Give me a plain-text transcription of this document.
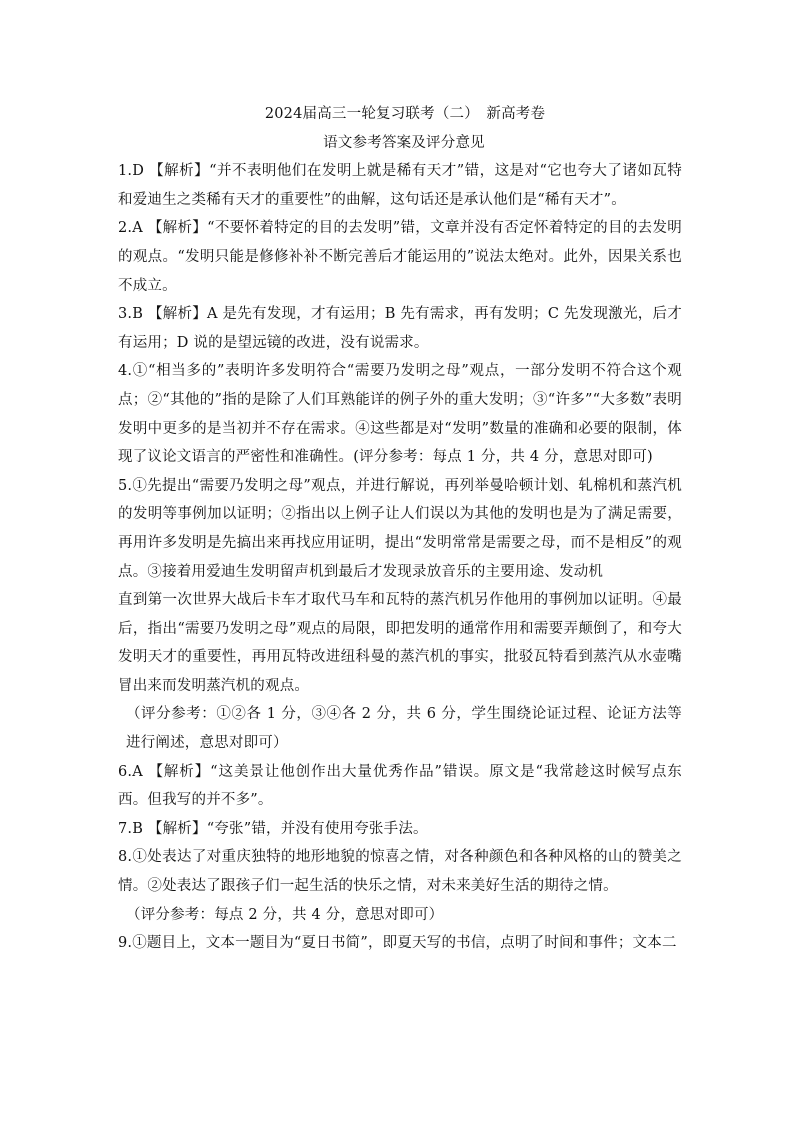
2024届高三一轮复习联考（二）　新高考卷

语文参考答案及评分意见

1.D 【解析】“并不表明他们在发明上就是稀有天才”错，这是对“它也夸大了诸如瓦特和爱迪生之类稀有天才的重要性”的曲解，这句话还是承认他们是“稀有天才”。

2.A 【解析】“不要怀着特定的目的去发明”错，文章并没有否定怀着特定的目的去发明的观点。“发明只能是修修补补不断完善后才能运用的”说法太绝对。此外，因果关系也不成立。

3.B 【解析】A 是先有发现，才有运用；B 先有需求，再有发明；C 先发现激光，后才有运用；D 说的是望远镜的改进，没有说需求。

4.①“相当多的”表明许多发明符合“需要乃发明之母”观点，一部分发明不符合这个观点；②“其他的”指的是除了人们耳熟能详的例子外的重大发明；③“许多”“大多数”表明发明中更多的是当初并不存在需求。④这些都是对“发明”数量的准确和必要的限制，体现了议论文语言的严密性和准确性。(评分参考：每点 1 分，共 4 分，意思对即可)

5.①先提出“需要乃发明之母”观点，并进行解说，再列举曼哈顿计划、轧棉机和蒸汽机的发明等事例加以证明；②指出以上例子让人们误以为其他的发明也是为了满足需要，再用许多发明是先搞出来再找应用证明，提出“发明常常是需要之母，而不是相反”的观点。③接着用爱迪生发明留声机到最后才发现录放音乐的主要用途、发动机

直到第一次世界大战后卡车才取代马车和瓦特的蒸汽机另作他用的事例加以证明。④最后，指出“需要乃发明之母”观点的局限，即把发明的通常作用和需要弄颠倒了，和夸大发明天才的重要性，再用瓦特改进纽科曼的蒸汽机的事实，批驳瓦特看到蒸汽从水壶嘴冒出来而发明蒸汽机的观点。

（评分参考：①②各 1 分，③④各 2 分，共 6 分，学生围绕论证过程、论证方法等进行阐述，意思对即可）

6.A 【解析】“这美景让他创作出大量优秀作品”错误。原文是“我常趁这时候写点东西。但我写的并不多”。

7.B 【解析】“夸张”错，并没有使用夸张手法。

8.①处表达了对重庆独特的地形地貌的惊喜之情，对各种颜色和各种风格的山的赞美之情。②处表达了跟孩子们一起生活的快乐之情，对未来美好生活的期待之情。

（评分参考：每点 2 分，共 4 分，意思对即可）

9.①题目上，文本一题目为“夏日书简”，即夏天写的书信，点明了时间和事件；文本二
